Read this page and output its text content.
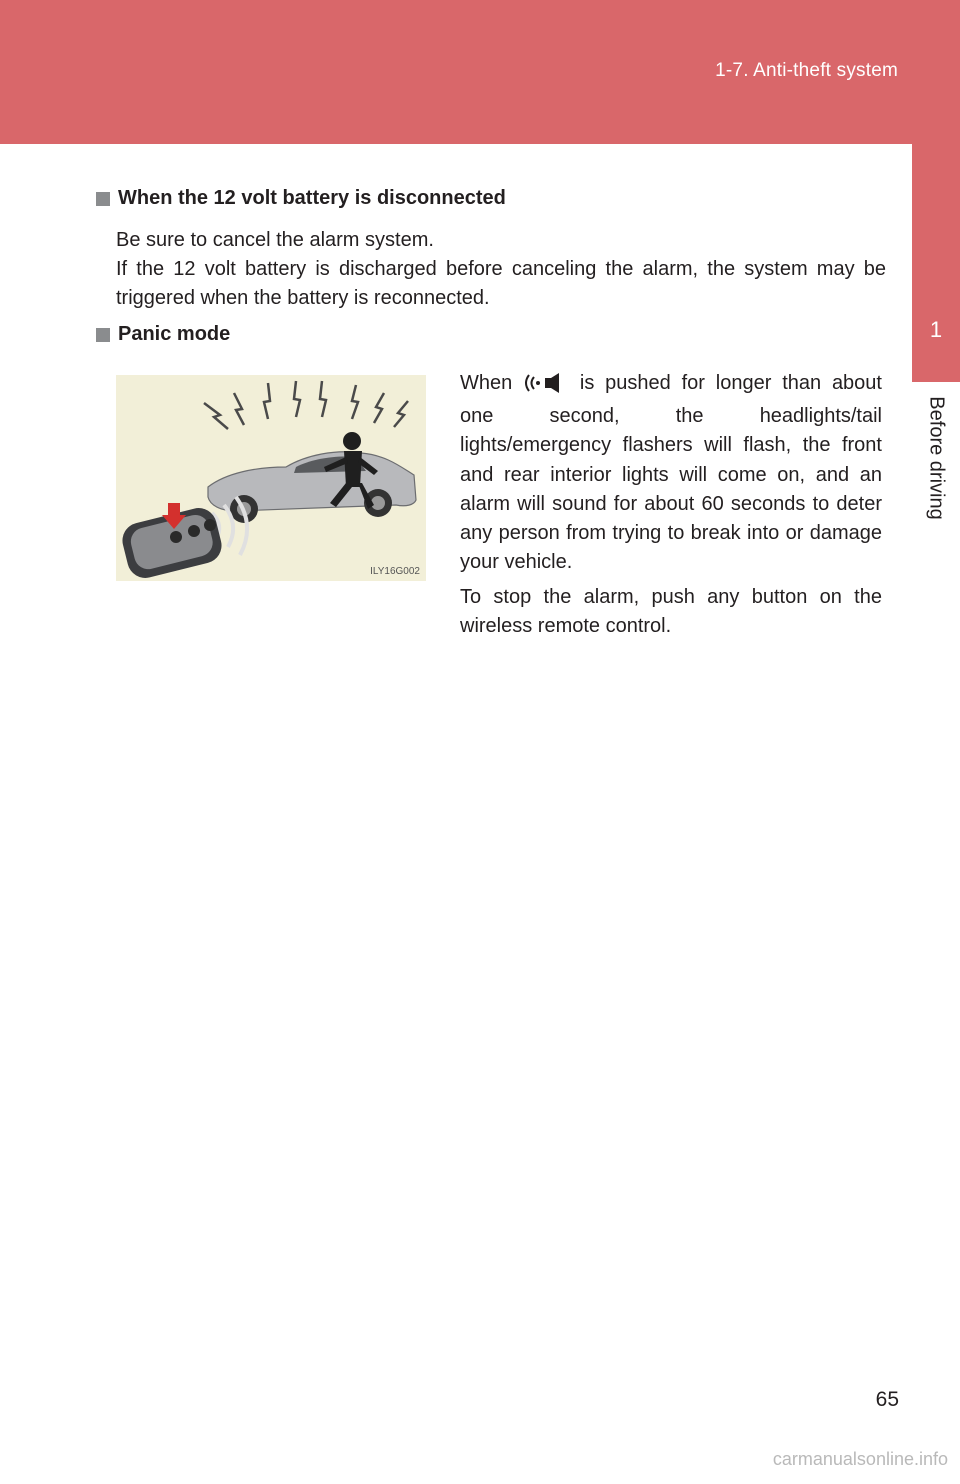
1-7. Anti-theft system
1
Before driving
When the 12 volt battery is disconnected

Be sure to cancel the alarm system.

If the 12 volt battery is discharged before canceling the alarm, the system may be triggered when the battery is reconnected.

Panic mode
ILY16G002

When	is pushed for longer than about one second, the headlights/tail lights/emergency flashers will flash, the front and rear interior lights will come on, and an alarm will sound for about 60 seconds to deter any person from trying to break into or damage your vehicle.

To stop the alarm, push any button on the wireless remote control.

65
carmanualsonline.info
